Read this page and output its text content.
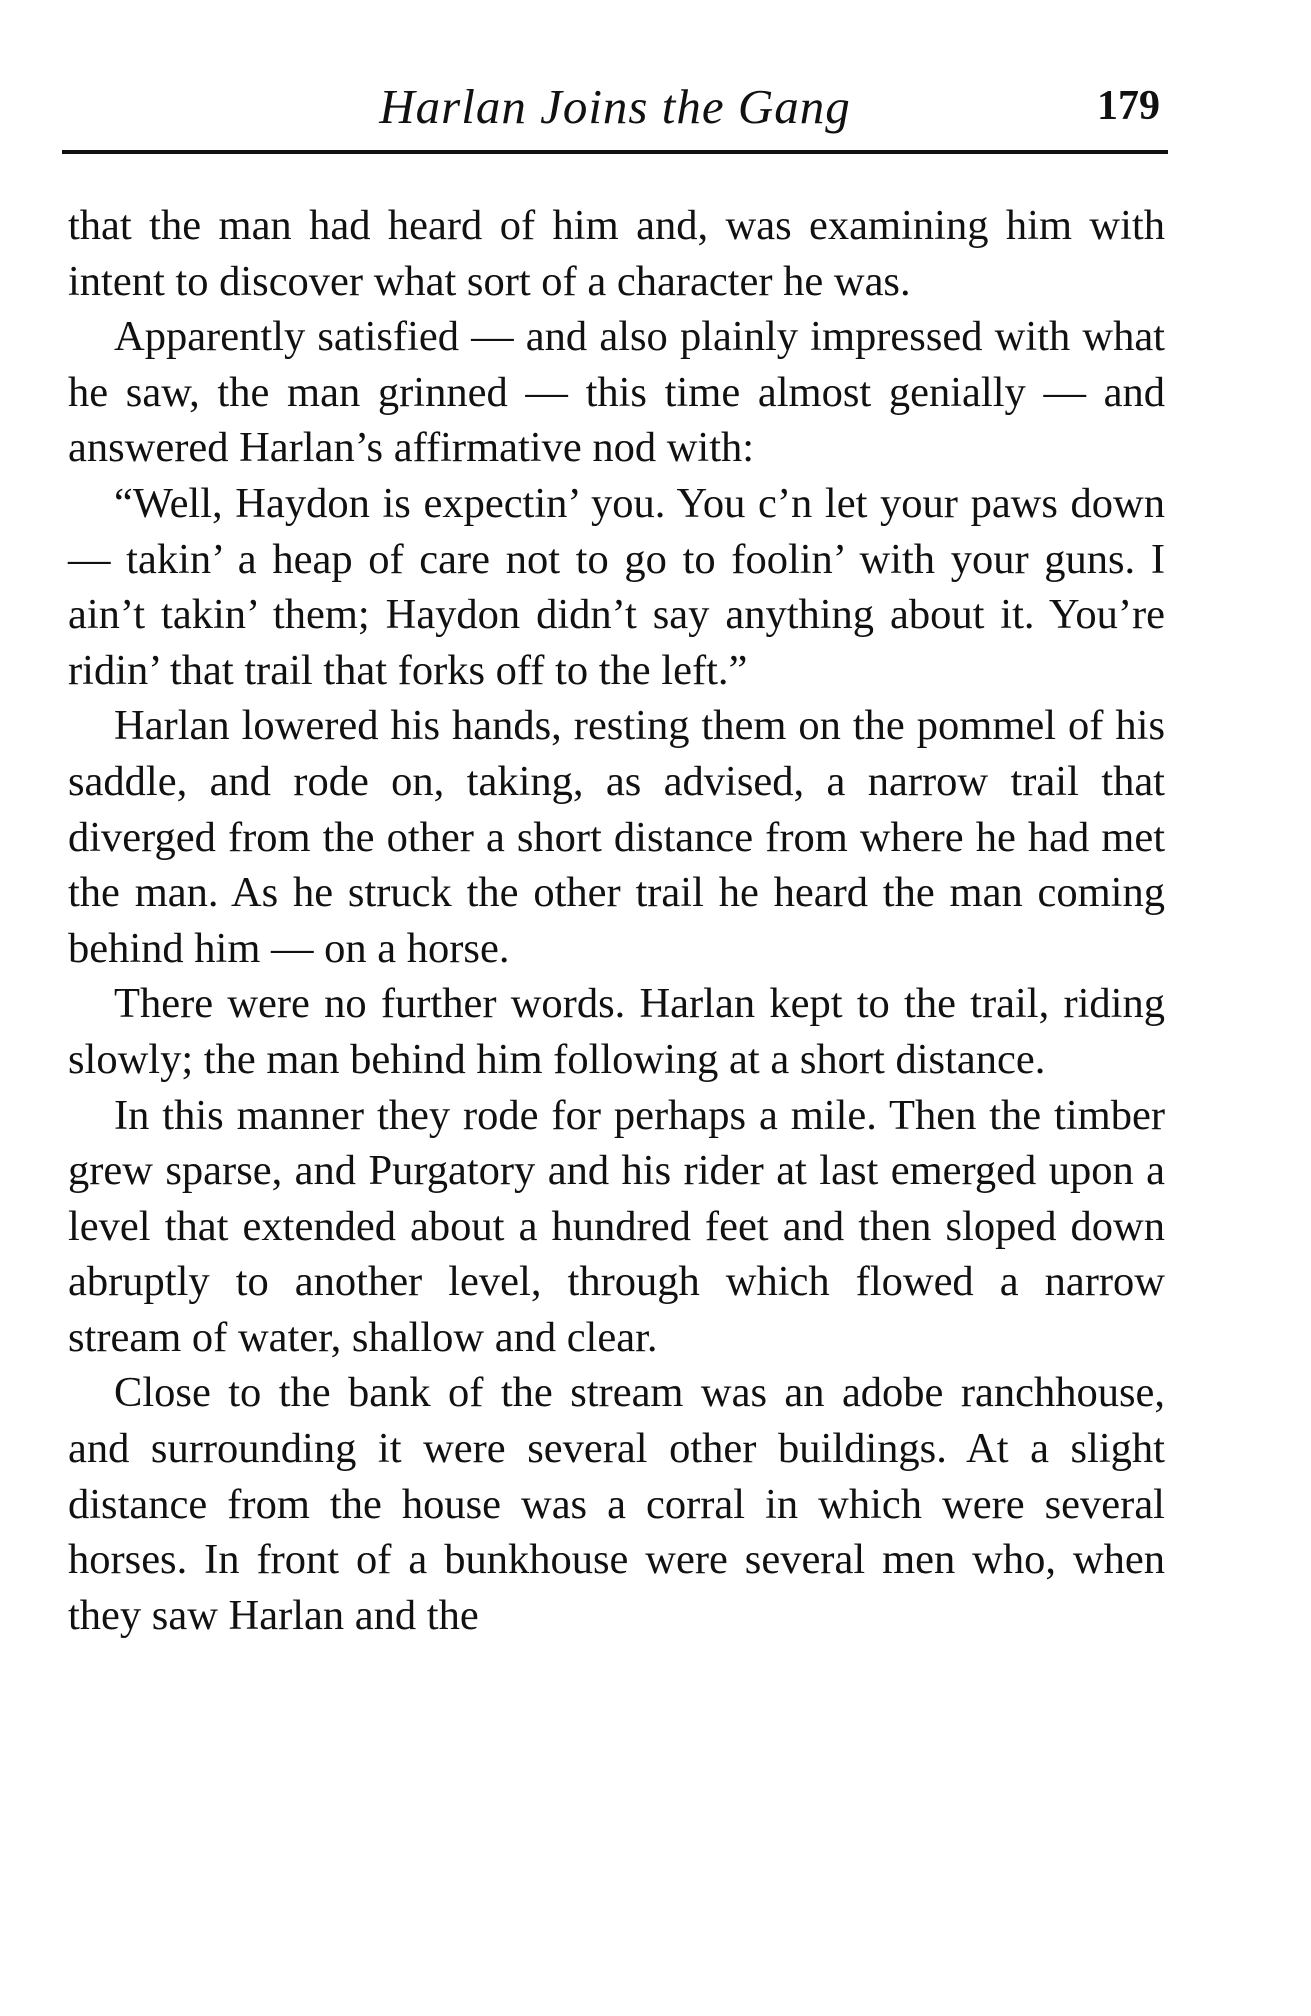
Harlan Joins the Gang	179

that the man had heard of him and, was examining him with intent to discover what sort of a character he was.

Apparently satisfied — and also plainly impressed with what he saw, the man grinned — this time almost genially — and answered Harlan’s affirmative nod with:

“Well, Haydon is expectin’ you. You c’n let your paws down — takin’ a heap of care not to go to foolin’ with your guns. I ain’t takin’ them; Haydon didn’t say anything about it. You’re ridin’ that trail that forks off to the left.”

Harlan lowered his hands, resting them on the pommel of his saddle, and rode on, taking, as advised, a narrow trail that diverged from the other a short distance from where he had met the man. As he struck the other trail he heard the man coming behind him — on a horse.

There were no further words. Harlan kept to the trail, riding slowly; the man behind him following at a short distance.

In this manner they rode for perhaps a mile. Then the timber grew sparse, and Purgatory and his rider at last emerged upon a level that extended about a hundred feet and then sloped down abruptly to another level, through which flowed a narrow stream of water, shallow and clear.

Close to the bank of the stream was an adobe ranchhouse, and surrounding it were several other buildings. At a slight distance from the house was a corral in which were several horses. In front of a bunkhouse were several men who, when they saw Harlan and the
